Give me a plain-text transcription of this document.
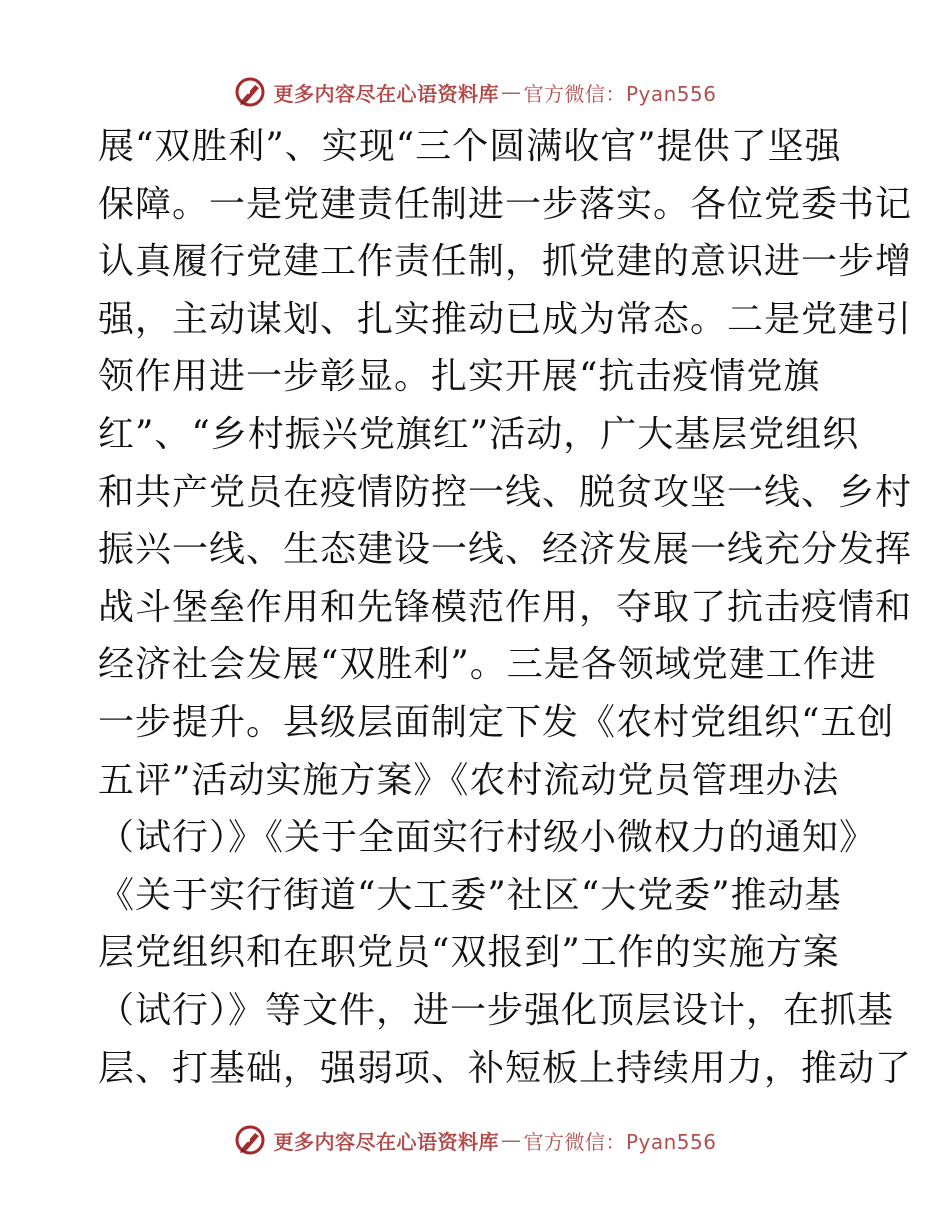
更多内容尽在心语资料库 — 官方微信：Pyan556
展“双胜利”、实现“三个圆满收官”提供了坚强
保障。一是党建责任制进一步落实。各位党委书记
认真履行党建工作责任制，抓党建的意识进一步增
强，主动谋划、扎实推动已成为常态。二是党建引
领作用进一步彰显。扎实开展“抗击疫情党旗
红”、“乡村振兴党旗红”活动，广大基层党组织
和共产党员在疫情防控一线、脱贫攻坚一线、乡村
振兴一线、生态建设一线、经济发展一线充分发挥
战斗堡垒作用和先锋模范作用，夺取了抗击疫情和
经济社会发展“双胜利”。三是各领域党建工作进
一步提升。县级层面制定下发《农村党组织“五创
五评”活动实施方案》《农村流动党员管理办法
（试行）》《关于全面实行村级小微权力的通知》
《关于实行街道“大工委”社区“大党委”推动基
层党组织和在职党员“双报到”工作的实施方案
（试行）》等文件，进一步强化顶层设计，在抓基
层、打基础，强弱项、补短板上持续用力，推动了
更多内容尽在心语资料库 — 官方微信：Pyan556
